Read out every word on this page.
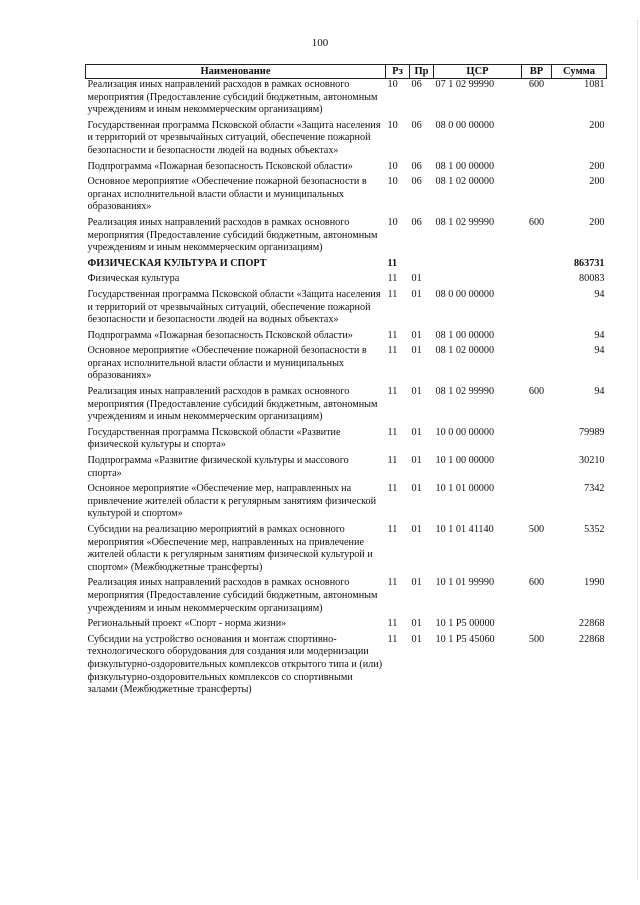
100
Наименование	Рз	Пр	ЦСР	ВР	Сумма
Реализация иных направлений расходов в рамках основного мероприятия (Предоставление субсидий бюджетным, автономным учреждениям и иным некоммерческим организациям)	10	06	07 1 02 99990	600	1081
Государственная программа Псковской области «Защита населения и территорий от чрезвычайных ситуаций, обеспечение пожарной безопасности и безопасности людей на водных объектах»	10	06	08 0 00 00000		200
Подпрограмма «Пожарная безопасность Псковской области»	10	06	08 1 00 00000		200
Основное мероприятие «Обеспечение пожарной безопасности в органах исполнительной власти области и муниципальных образованиях»	10	06	08 1 02 00000		200
Реализация иных направлений расходов в рамках основного мероприятия (Предоставление субсидий бюджетным, автономным учреждениям и иным некоммерческим организациям)	10	06	08 1 02 99990	600	200
ФИЗИЧЕСКАЯ КУЛЬТУРА И СПОРТ	11				863731
Физическая культура	11	01			80083
Государственная программа Псковской области «Защита населения и территорий от чрезвычайных ситуаций, обеспечение пожарной безопасности и безопасности людей на водных объектах»	11	01	08 0 00 00000		94
Подпрограмма «Пожарная безопасность Псковской области»	11	01	08 1 00 00000		94
Основное мероприятие «Обеспечение пожарной безопасности в органах исполнительной власти области и муниципальных образованиях»	11	01	08 1 02 00000		94
Реализация иных направлений расходов в рамках основного мероприятия (Предоставление субсидий бюджетным, автономным учреждениям и иным некоммерческим организациям)	11	01	08 1 02 99990	600	94
Государственная программа Псковской области «Развитие физической культуры и спорта»	11	01	10 0 00 00000		79989
Подпрограмма «Развитие физической культуры и массового спорта»	11	01	10 1 00 00000		30210
Основное мероприятие «Обеспечение мер, направленных на привлечение жителей области к регулярным занятиям физической культурой и спортом»	11	01	10 1 01 00000		7342
Субсидии на реализацию мероприятий в рамках основного мероприятия «Обеспечение мер, направленных на привлечение жителей области к регулярным занятиям физической культурой и спортом» (Межбюджетные трансферты)	11	01	10 1 01 41140	500	5352
Реализация иных направлений расходов в рамках основного мероприятия (Предоставление субсидий бюджетным, автономным учреждениям и иным некоммерческим организациям)	11	01	10 1 01 99990	600	1990
Региональный проект «Спорт - норма жизни»	11	01	10 1 P5 00000		22868
Субсидии на устройство основания и монтаж спортивно-технологического оборудования для создания или модернизации физкультурно-оздоровительных комплексов открытого типа и (или) физкультурно-оздоровительных комплексов со спортивными залами (Межбюджетные трансферты)	11	01	10 1 P5 45060	500	22868
